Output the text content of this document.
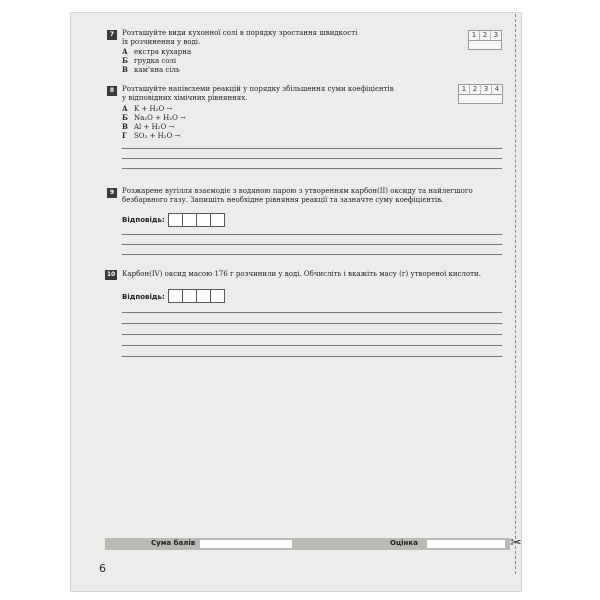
✂
7	Розташуйте види кухонної солі в порядку зростання швидкості
їх розчинення у воді.
А екстра кухарна
Б грудка солі
В кам'яна сіль
1 2 3
8	Розташуйте напівсхеми реакцій у порядку збільшення суми коефіцієнтів
у відповідних хімічних рівняннях.
А K + H₂O →
Б Na₂O + H₂O →
В Al + H₂O →
Г SO₃ + H₂O →
1 2 3 4
9	Розжарене вугілля взаємодіє з водяною парою з утворенням карбон(II) оксиду та найлегшого
безбарвного газу. Запишіть необхідне рівняння реакції та зазначте суму коефіцієнтів.
Відповідь:
10 Карбон(IV) оксид масою 176 г розчинили у воді. Обчисліть і вкажіть масу (г) утвореної кислоти.
Відповідь:
Сума балів	Оцінка
6
